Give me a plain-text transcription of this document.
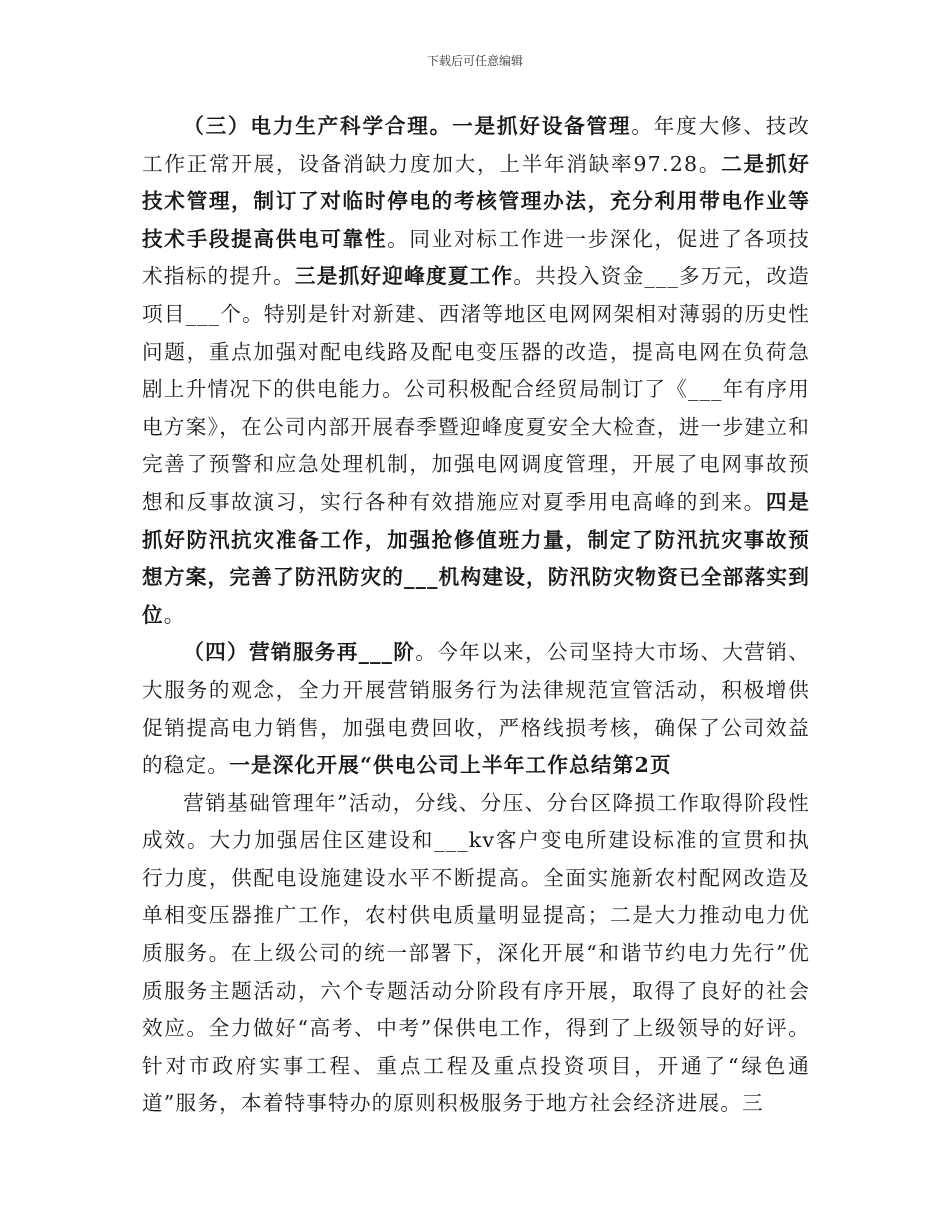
下载后可任意编辑

（三）电力生产科学合理。一是抓好设备管理。年度大修、技改工作正常开展，设备消缺力度加大，上半年消缺率97.28。二是抓好技术管理，制订了对临时停电的考核管理办法，充分利用带电作业等技术手段提高供电可靠性。同业对标工作进一步深化，促进了各项技术指标的提升。三是抓好迎峰度夏工作。共投入资金___多万元，改造项目___个。特别是针对新建、西渚等地区电网网架相对薄弱的历史性问题，重点加强对配电线路及配电变压器的改造，提高电网在负荷急剧上升情况下的供电能力。公司积极配合经贸局制订了《___年有序用电方案》，在公司内部开展春季暨迎峰度夏安全大检查，进一步建立和完善了预警和应急处理机制，加强电网调度管理，开展了电网事故预想和反事故演习，实行各种有效措施应对夏季用电高峰的到来。四是抓好防汛抗灾准备工作，加强抢修值班力量，制定了防汛抗灾事故预想方案，完善了防汛防灾的___机构建设，防汛防灾物资已全部落实到位。

（四）营销服务再___阶。今年以来，公司坚持大市场、大营销、大服务的观念，全力开展营销服务行为法律规范宣管活动，积极增供促销提高电力销售，加强电费回收，严格线损考核，确保了公司效益的稳定。一是深化开展“供电公司上半年工作总结第2页

营销基础管理年”活动，分线、分压、分台区降损工作取得阶段性成效。大力加强居住区建设和___kv客户变电所建设标准的宣贯和执行力度，供配电设施建设水平不断提高。全面实施新农村配网改造及单相变压器推广工作，农村供电质量明显提高；二是大力推动电力优质服务。在上级公司的统一部署下，深化开展“和谐节约电力先行”优质服务主题活动，六个专题活动分阶段有序开展，取得了良好的社会效应。全力做好“高考、中考”保供电工作，得到了上级领导的好评。针对市政府实事工程、重点工程及重点投资项目，开通了“绿色通道”服务，本着特事特办的原则积极服务于地方社会经济进展。三
